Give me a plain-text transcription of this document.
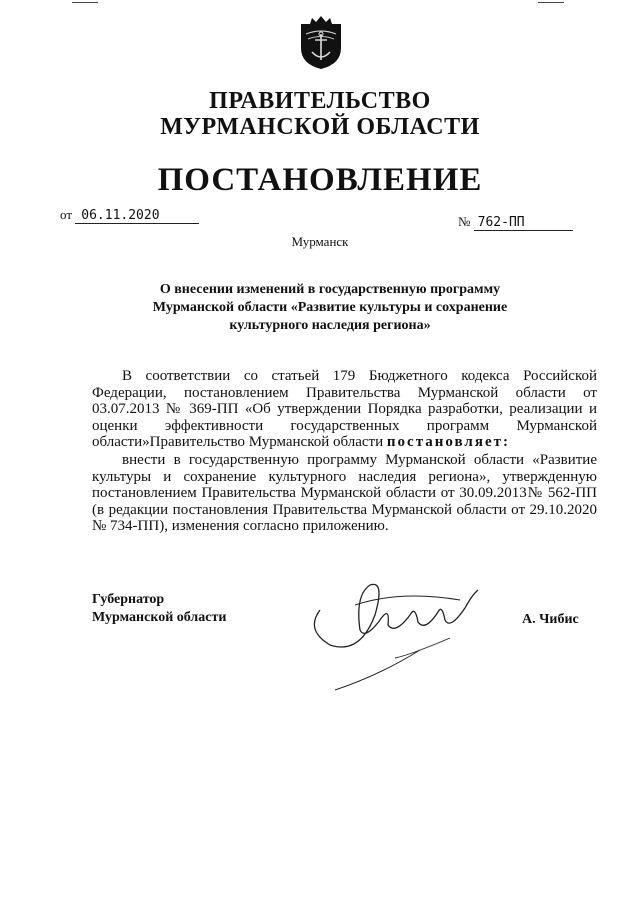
ПРАВИТЕЛЬСТВО
МУРМАНСКОЙ ОБЛАСТИ
ПОСТАНОВЛЕНИЕ
от 06.11.2020	№ 762-ПП
Мурманск
О внесении изменений в государственную программу
Мурманской области «Развитие культуры и сохранение
культурного наследия региона»
В соответствии со статьей 179 Бюджетного кодекса Российской Федерации, постановлением Правительства Мурманской области от 03.07.2013 № 369-ПП «Об утверждении Порядка разработки, реализации и оценки эффективности государственных программ Мурманской области»Правительство Мурманской области постановляет:
внести в государственную программу Мурманской области «Развитие культуры и сохранение культурного наследия региона», утвержденную постановлением Правительства Мурманской области от 30.09.2013№ 562-ПП (в редакции постановления Правительства Мурманской области от 29.10.2020 № 734-ПП), изменения согласно приложению.
Губернатор
Мурманской области	А. Чибис
